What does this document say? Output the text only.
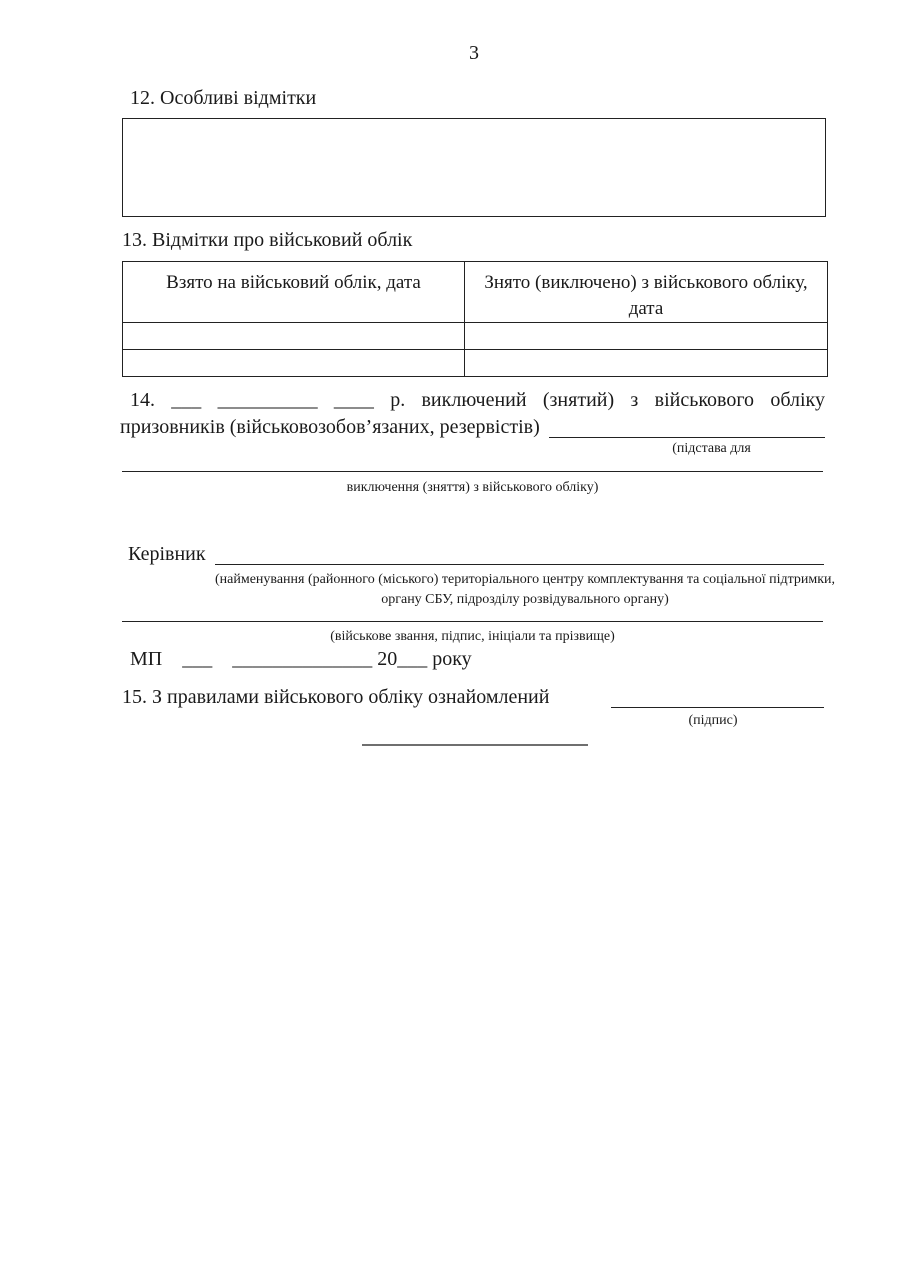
3
12. Особливі відмітки
13. Відмітки про військовий облік
Взято на військовий облік, дата	Знято (виключено) з військового обліку, дата

14. ___ __________ ____ р. виключений (знятий) з військового обліку
призовників (військовозобов’язаних, резервістів)
(підстава для
виключення (зняття) з військового обліку)
Керівник
(найменування (районного (міського) територіального центру комплектування та соціальної підтримки, органу СБУ, підрозділу розвідувального органу)
(військове звання, підпис, ініціали та прізвище)
МП    ___    ______________ 20___ року
15. З правилами військового обліку ознайомлений
(підпис)
